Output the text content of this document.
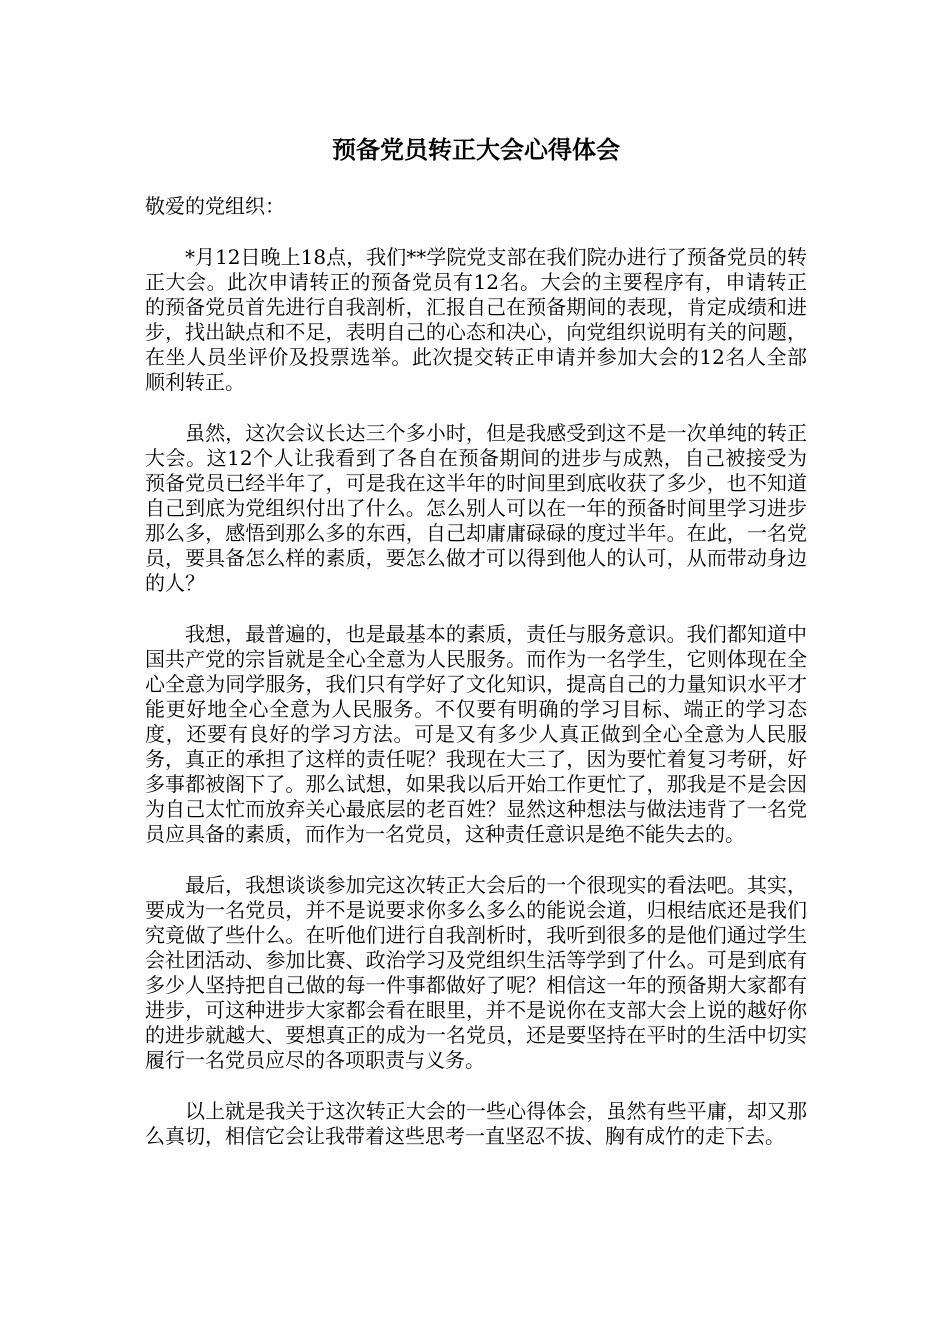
预备党员转正大会心得体会

敬爱的党组织：

*月12日晚上18点，我们**学院党支部在我们院办进行了预备党员的转正大会。此次申请转正的预备党员有12名。大会的主要程序有，申请转正的预备党员首先进行自我剖析，汇报自己在预备期间的表现，肯定成绩和进步，找出缺点和不足，表明自己的心态和决心，向党组织说明有关的问题，在坐人员坐评价及投票选举。此次提交转正申请并参加大会的12名人全部顺利转正。

虽然，这次会议长达三个多小时，但是我感受到这不是一次单纯的转正大会。这12个人让我看到了各自在预备期间的进步与成熟，自己被接受为预备党员已经半年了，可是我在这半年的时间里到底收获了多少，也不知道自己到底为党组织付出了什么。怎么别人可以在一年的预备时间里学习进步那么多，感悟到那么多的东西，自己却庸庸碌碌的度过半年。在此，一名党员，要具备怎么样的素质，要怎么做才可以得到他人的认可，从而带动身边的人？

我想，最普遍的，也是最基本的素质，责任与服务意识。我们都知道中国共产党的宗旨就是全心全意为人民服务。而作为一名学生，它则体现在全心全意为同学服务，我们只有学好了文化知识，提高自己的力量知识水平才能更好地全心全意为人民服务。不仅要有明确的学习目标、端正的学习态度，还要有良好的学习方法。可是又有多少人真正做到全心全意为人民服务，真正的承担了这样的责任呢？我现在大三了，因为要忙着复习考研，好多事都被阁下了。那么试想，如果我以后开始工作更忙了，那我是不是会因为自己太忙而放弃关心最底层的老百姓？显然这种想法与做法违背了一名党员应具备的素质，而作为一名党员，这种责任意识是绝不能失去的。

最后，我想谈谈参加完这次转正大会后的一个很现实的看法吧。其实，要成为一名党员，并不是说要求你多么多么的能说会道，归根结底还是我们究竟做了些什么。在听他们进行自我剖析时，我听到很多的是他们通过学生会社团活动、参加比赛、政治学习及党组织生活等学到了什么。可是到底有多少人坚持把自己做的每一件事都做好了呢？相信这一年的预备期大家都有进步，可这种进步大家都会看在眼里，并不是说你在支部大会上说的越好你的进步就越大、要想真正的成为一名党员，还是要坚持在平时的生活中切实履行一名党员应尽的各项职责与义务。

以上就是我关于这次转正大会的一些心得体会，虽然有些平庸，却又那么真切，相信它会让我带着这些思考一直坚忍不拔、胸有成竹的走下去。
